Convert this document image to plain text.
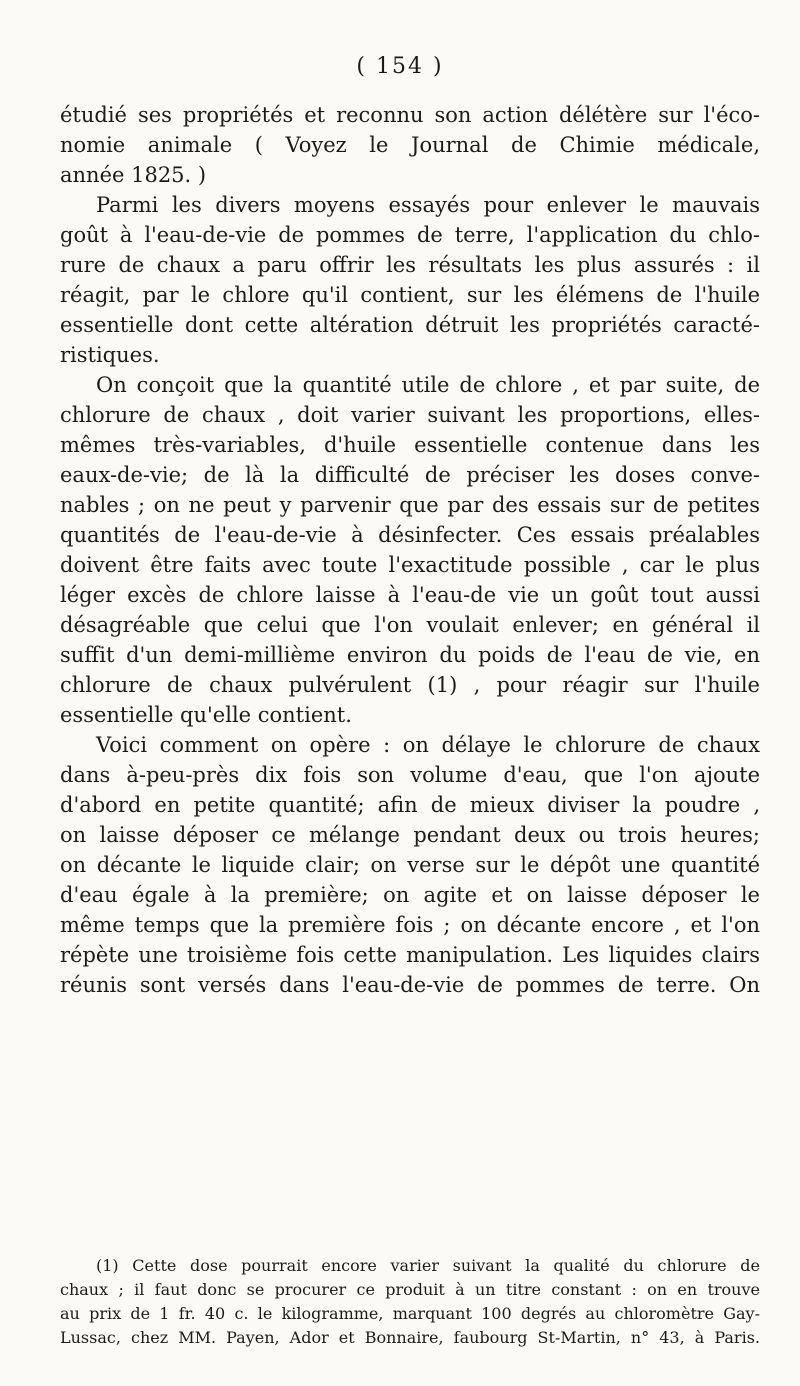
( 154 )
étudié ses propriétés et reconnu son action délétère sur l'éco-
nomie animale ( Voyez le Journal de Chimie médicale,
année 1825. )
Parmi les divers moyens essayés pour enlever le mauvais
goût à l'eau-de-vie de pommes de terre, l'application du chlo-
rure de chaux a paru offrir les résultats les plus assurés : il
réagit, par le chlore qu'il contient, sur les élémens de l'huile
essentielle dont cette altération détruit les propriétés caracté-
ristiques.
On conçoit que la quantité utile de chlore , et par suite, de
chlorure de chaux , doit varier suivant les proportions, elles-
mêmes très-variables, d'huile essentielle contenue dans les
eaux-de-vie; de là la difficulté de préciser les doses conve-
nables ; on ne peut y parvenir que par des essais sur de petites
quantités de l'eau-de-vie à désinfecter. Ces essais préalables
doivent être faits avec toute l'exactitude possible , car le plus
léger excès de chlore laisse à l'eau-de vie un goût tout aussi
désagréable que celui que l'on voulait enlever; en général il
suffit d'un demi-millième environ du poids de l'eau de vie, en
chlorure de chaux pulvérulent (1) , pour réagir sur l'huile
essentielle qu'elle contient.
Voici comment on opère : on délaye le chlorure de chaux
dans à-peu-près dix fois son volume d'eau, que l'on ajoute
d'abord en petite quantité; afin de mieux diviser la poudre ,
on laisse déposer ce mélange pendant deux ou trois heures;
on décante le liquide clair; on verse sur le dépôt une quantité
d'eau égale à la première; on agite et on laisse déposer le
même temps que la première fois ; on décante encore , et l'on
répète une troisième fois cette manipulation. Les liquides clairs
réunis sont versés dans l'eau-de-vie de pommes de terre. On
(1) Cette dose pourrait encore varier suivant la qualité du chlorure de
chaux ; il faut donc se procurer ce produit à un titre constant : on en trouve
au prix de 1 fr. 40 c. le kilogramme, marquant 100 degrés au chloromètre Gay-
Lussac, chez MM. Payen, Ador et Bonnaire, faubourg St-Martin, n° 43, à Paris.
